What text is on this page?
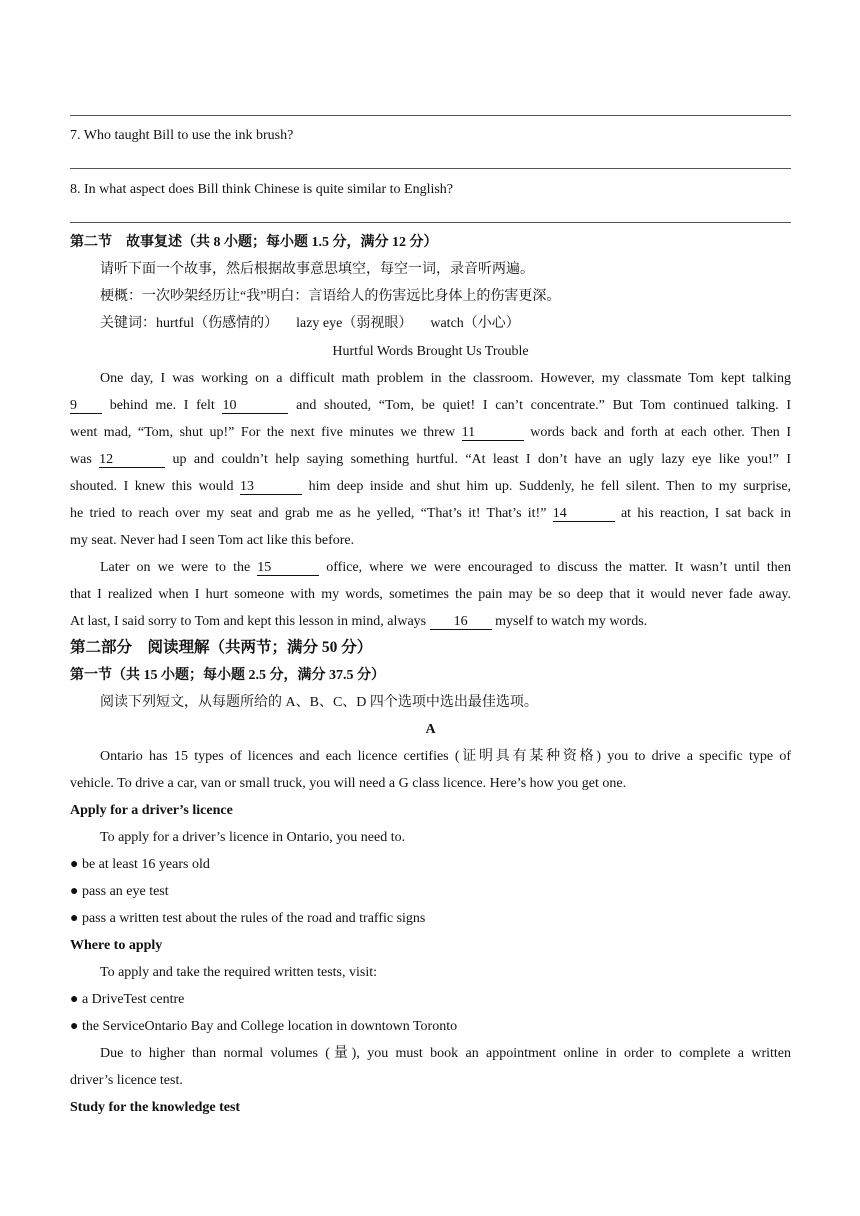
7. Who taught Bill to use the ink brush?
8. In what aspect does Bill think Chinese is quite similar to English?
第二节　故事复述（共 8 小题；每小题 1.5 分，满分 12 分）
请听下面一个故事，然后根据故事意思填空，每空一词，录音听两遍。
梗概：一次吵架经历让“我”明白：言语给人的伤害远比身体上的伤害更深。
关键词：hurtful（伤感情的） lazy eye（弱视眼） watch（小心）
Hurtful Words Brought Us Trouble
One day, I was working on a difficult math problem in the classroom. However, my classmate Tom kept talking
9 behind me. I felt 10	and shouted, “Tom, be quiet! I can’t concentrate.” But Tom continued talking. I
went mad, “Tom, shut up!” For the next five minutes we threw 11	words back and forth at each other. Then I
was 12	up and couldn’t help saying something hurtful. “At least I don’t have an ugly lazy eye like you!” I
shouted. I knew this would 13	him deep inside and shut him up. Suddenly, he fell silent. Then to my surprise,
he tried to reach over my seat and grab me as he yelled, “That’s it! That’s it!” 14	at his reaction, I sat back in
my seat. Never had I seen Tom act like this before.
Later on we were to the 15	office, where we were encouraged to discuss the matter. It wasn’t until then
that I realized when I hurt someone with my words, sometimes the pain may be so deep that it would never fade away.
At last, I said sorry to Tom and kept this lesson in mind, always 16 myself to watch my words.
第二部分　阅读理解（共两节；满分 50 分）
第一节（共 15 小题；每小题 2.5 分，满分 37.5 分）
阅读下列短文，从每题所给的 A、B、C、D 四个选项中选出最佳选项。
A
Ontario has 15 types of licences and each licence certifies (证明具有某种资格) you to drive a specific type of
vehicle. To drive a car, van or small truck, you will need a G class licence. Here’s how you get one.
Apply for a driver’s licence
To apply for a driver’s licence in Ontario, you need to.
● be at least 16 years old
● pass an eye test
● pass a written test about the rules of the road and traffic signs
Where to apply
To apply and take the required written tests, visit:
● a DriveTest centre
● the ServiceOntario Bay and College location in downtown Toronto
Due to higher than normal volumes (量), you must book an appointment online in order to complete a written
driver’s licence test.
Study for the knowledge test
